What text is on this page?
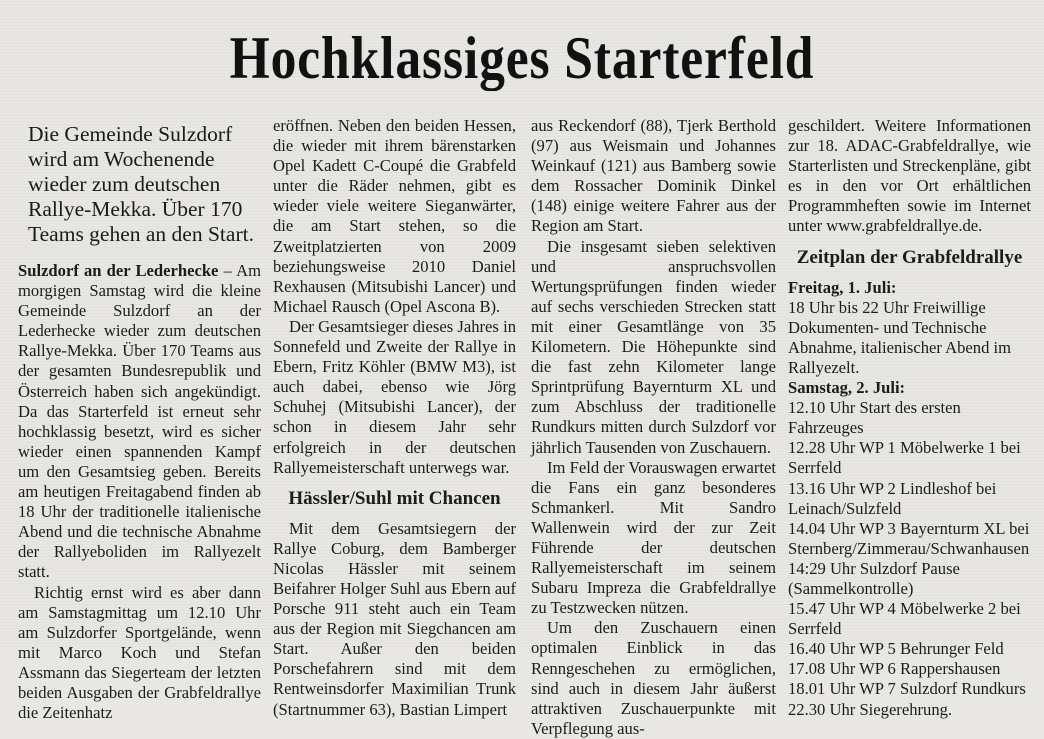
Hochklassiges Starterfeld
Die Gemeinde Sulzdorf wird am Wochenende wieder zum deutschen Rallye-Mekka. Über 170 Teams gehen an den Start.

Sulzdorf an der Lederhecke – Am morgigen Samstag wird die kleine Gemeinde Sulzdorf an der Lederhecke wieder zum deutschen Rallye-Mekka. Über 170 Teams aus der gesamten Bundesrepublik und Österreich haben sich angekündigt. Da das Starterfeld ist erneut sehr hochklassig besetzt, wird es sicher wieder einen spannenden Kampf um den Gesamtsieg geben. Bereits am heutigen Freitagabend finden ab 18 Uhr der traditionelle italienische Abend und die technische Abnahme der Rallyeboliden im Rallyezelt statt.

Richtig ernst wird es aber dann am Samstagmittag um 12.10 Uhr am Sulzdorfer Sportgelände, wenn mit Marco Koch und Stefan Assmann das Siegerteam der letzten beiden Ausgaben der Grabfeldrallye die Zeitenhatz

eröffnen. Neben den beiden Hessen, die wieder mit ihrem bärenstarken Opel Kadett C-Coupé die Grabfeld unter die Räder nehmen, gibt es wieder viele weitere Sieganwärter, die am Start stehen, so die Zweitplatzierten von 2009 beziehungsweise 2010 Daniel Rexhausen (Mitsubishi Lancer) und Michael Rausch (Opel Ascona B).

Der Gesamtsieger dieses Jahres in Sonnefeld und Zweite der Rallye in Ebern, Fritz Köhler (BMW M3), ist auch dabei, ebenso wie Jörg Schuhej (Mitsubishi Lancer), der schon in diesem Jahr sehr erfolgreich in der deutschen Rallyemeisterschaft unterwegs war.

Hässler/Suhl mit Chancen

Mit dem Gesamtsiegern der Rallye Coburg, dem Bamberger Nicolas Hässler mit seinem Beifahrer Holger Suhl aus Ebern auf Porsche 911 steht auch ein Team aus der Region mit Siegchancen am Start. Außer den beiden Porschefahrern sind mit dem Rentweinsdorfer Maximilian Trunk (Startnummer 63), Bastian Limpert

aus Reckendorf (88), Tjerk Berthold (97) aus Weismain und Johannes Weinkauf (121) aus Bamberg sowie dem Rossacher Dominik Dinkel (148) einige weitere Fahrer aus der Region am Start.

Die insgesamt sieben selektiven und anspruchsvollen Wertungsprüfungen finden wieder auf sechs verschieden Strecken statt mit einer Gesamtlänge von 35 Kilometern. Die Höhepunkte sind die fast zehn Kilometer lange Sprintprüfung Bayernturm XL und zum Abschluss der traditionelle Rundkurs mitten durch Sulzdorf vor jährlich Tausenden von Zuschauern.

Im Feld der Vorauswagen erwartet die Fans ein ganz besonderes Schmankerl. Mit Sandro Wallenwein wird der zur Zeit Führende der deutschen Rallyemeisterschaft im seinem Subaru Impreza die Grabfeldrallye zu Testzwecken nützen.

Um den Zuschauern einen optimalen Einblick in das Renngeschehen zu ermöglichen, sind auch in diesem Jahr äußerst attraktiven Zuschauerpunkte mit Verpflegung aus-

geschildert. Weitere Informationen zur 18. ADAC-Grabfeldrallye, wie Starterlisten und Streckenpläne, gibt es in den vor Ort erhältlichen Programmheften sowie im Internet unter www.grabfeldrallye.de.

Zeitplan der Grabfeldrallye

Freitag, 1. Juli:

18 Uhr bis 22 Uhr Freiwillige Dokumenten- und Technische Abnahme, italienischer Abend im Rallyezelt.

Samstag, 2. Juli:

12.10 Uhr Start des ersten Fahrzeuges

12.28 Uhr WP 1 Möbelwerke 1 bei Serrfeld

13.16 Uhr WP 2 Lindleshof bei Leinach/Sulzfeld

14.04 Uhr WP 3 Bayernturm XL bei Sternberg/Zimmerau/Schwanhausen

14:29 Uhr Sulzdorf Pause (Sammelkontrolle)

15.47 Uhr WP 4 Möbelwerke 2 bei Serrfeld

16.40 Uhr WP 5 Behrunger Feld

17.08 Uhr WP 6 Rappershausen

18.01 Uhr WP 7 Sulzdorf Rundkurs

22.30 Uhr Siegerehrung.
